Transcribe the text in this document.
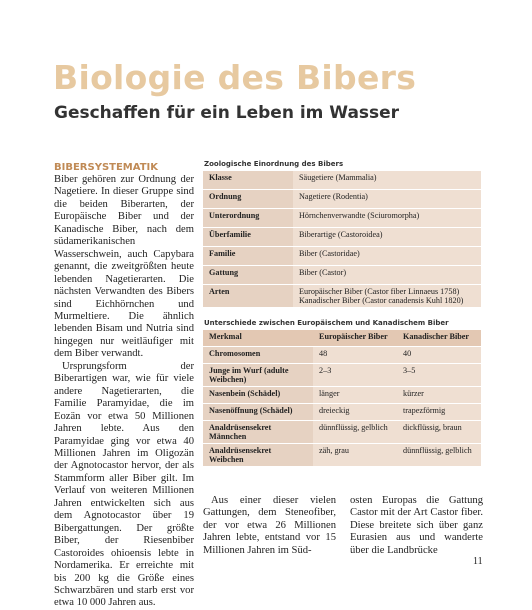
Biologie des Bibers
Geschaffen für ein Leben im Wasser
BIBERSYSTEMATIK

Biber gehören zur Ordnung der Nagetiere. In dieser Gruppe sind die beiden Biberarten, der Europäische Biber und der Kanadische Biber, nach dem südamerikanischen Wasserschwein, auch Capybara genannt, die zweitgrößten heute lebenden Nagetierarten. Die nächsten Verwandten des Bibers sind Eichhörnchen und Murmeltiere. Die ähnlich lebenden Bisam und Nutria sind hingegen nur weitläufiger mit dem Biber verwandt.

Ursprungsform der Biberartigen war, wie für viele andere Nagetierarten, die Familie Paramyidae, die im Eozän vor etwa 50 Millionen Jahren lebte. Aus den Paramyidae ging vor etwa 40 Millionen Jahren im Oligozän der Agnotocastor hervor, der als Stammform aller Biber gilt. Im Verlauf von weiteren Millionen Jahren entwickelten sich aus dem Agnotocastor über 19 Bibergattungen. Der größte Biber, der Riesenbiber Castoroides ohioensis lebte in Nordamerika. Er erreichte mit bis 200 kg die Größe eines Schwarzbären und starb erst vor etwa 10 000 Jahren aus.

Zoologische Einordnung des Bibers
Klasse	Säugetiere (Mammalia)
Ordnung	Nagetiere (Rodentia)
Unterordnung	Hörnchenverwandte (Sciuromorpha)
Überfamilie	Biberartige (Castoroidea)
Familie	Biber (Castoridae)
Gattung	Biber (Castor)
Arten	Europäischer Biber (Castor fiber Linnaeus 1758)
Kanadischer Biber (Castor canadensis Kuhl 1820)
Unterschiede zwischen Europäischem und Kanadischem Biber
Merkmal	Europäischer Biber	Kanadischer Biber
Chromosomen	48	40
Junge im Wurf (adulte Weibchen)	2–3	3–5
Nasenbein (Schädel)	länger	kürzer
Nasenöffnung (Schädel)	dreieckig	trapezförmig
Analdrüsensekret Männchen	dünnflüssig, gelblich	dickflüssig, braun
Analdrüsensekret Weibchen	zäh, grau	dünnflüssig, gelblich

Aus einer dieser vielen Gattungen, dem Steneofiber, der vor etwa 26 Millionen Jahren lebte, entstand vor 15 Millionen Jahren im Süd-

osten Europas die Gattung Castor mit der Art Castor fiber. Diese breitete sich über ganz Eurasien aus und wanderte über die Landbrücke

11
